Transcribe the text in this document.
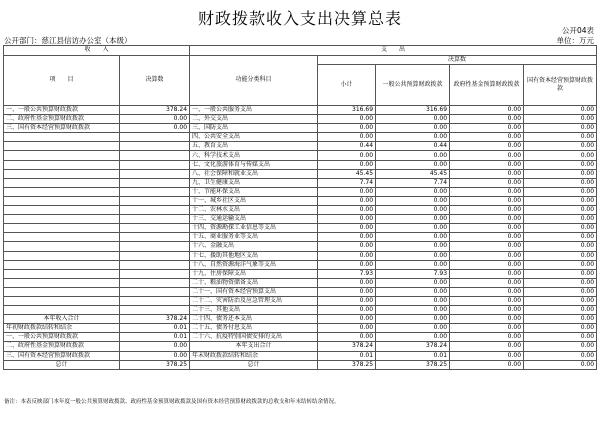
财政拨款收入支出决算总表
公开04表
公开部门：慈江县信访办公室（本级）	单位：万元
收　　入		支　　出				
项　　目	决算数	功能分类科目	决算数			
			小计	一般公共预算财政拨款	政府性基金预算财政拨款	国有资本经营预算财政拨款

一、一般公共预算财政拨款	378.24	一、一般公共服务支出	316.69	316.69	0.00	0.00
二、政府性基金预算财政拨款	0.00	二、外交支出	0.00	0.00	0.00	0.00
三、国有资本经营预算财政拨款	0.00	三、国防支出	0.00	0.00	0.00	0.00
		四、公共安全支出	0.00	0.00	0.00	0.00
		五、教育支出	0.44	0.44	0.00	0.00
		六、科学技术支出	0.00	0.00	0.00	0.00
		七、文化旅游体育与传媒支出	0.00	0.00	0.00	0.00
		八、社会保障和就业支出	45.45	45.45	0.00	0.00
		九、卫生健康支出	7.74	7.74	0.00	0.00
		十、节能环保支出	0.00	0.00	0.00	0.00
		十一、城乡社区支出	0.00	0.00	0.00	0.00
		十二、农林水支出	0.00	0.00	0.00	0.00
		十三、交通运输支出	0.00	0.00	0.00	0.00
		十四、资源勘探工业信息等支出	0.00	0.00	0.00	0.00
		十五、商业服务业等支出	0.00	0.00	0.00	0.00
		十六、金融支出	0.00	0.00	0.00	0.00
		十七、援助其他地区支出	0.00	0.00	0.00	0.00
		十八、自然资源海洋气象等支出	0.00	0.00	0.00	0.00
		十九、住房保障支出	7.93	7.93	0.00	0.00
		二十、粮油物资储备支出	0.00	0.00	0.00	0.00
		二十一、国有资本经营预算支出	0.00	0.00	0.00	0.00
		二十二、灾害防治及应急管理支出	0.00	0.00	0.00	0.00
		二十三、其他支出	0.00	0.00	0.00	0.00
本年收入合计	378.24	二十四、债务还本支出	0.00	0.00	0.00	0.00
年初财政拨款结转和结余	0.01	二十五、债务付息支出	0.00	0.00	0.00	0.00
一、一般公共预算财政拨款	0.01	二十六、抗疫特别国债安排的支出	0.00	0.00	0.00	0.00
二、政府性基金预算财政拨款	0.00	本年支出合计	378.24	378.24	0.00	0.00
三、国有资本经营预算财政拨款	0.00	年末财政拨款结转和结余	0.01	0.01	0.00	0.00
总计	378.25	总计	378.25	378.25	0.00	0.00
备注：本表反映部门本年度一般公共预算财政拨款、政府性基金预算财政拨款及国有资本经营预算财政拨款的总收支和年末结转结余情况。
